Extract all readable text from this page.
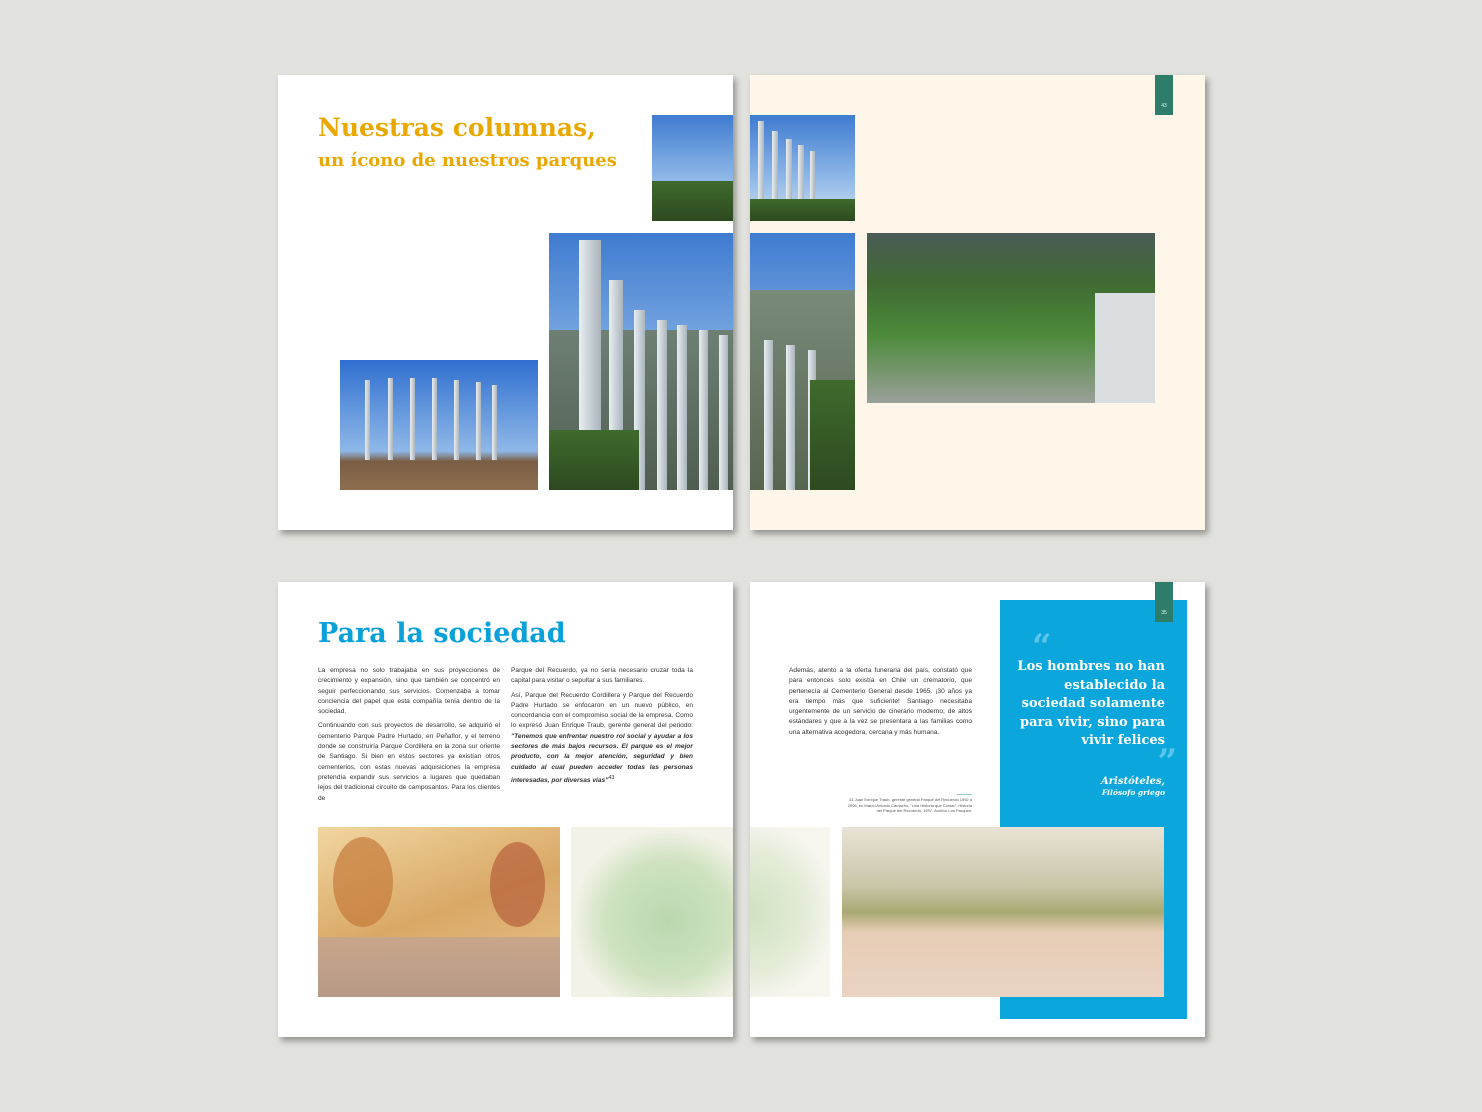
Nuestras columnas,
un ícono de nuestros parques
43
Para la sociedad

La empresa no solo trabajaba en sus proyecciones de crecimiento y expansión, sino que también se concentró en seguir perfeccionando sus servicios. Comenzaba a tomar conciencia del papel que esta compañía tenía dentro de la sociedad.

Continuando con sus proyectos de desarrollo, se adquirió el cementerio Parque Padre Hurtado, en Peñaflor, y el terreno donde se construiría Parque Cordillera en la zona sur oriente de Santiago. Si bien en estos sectores ya existían otros cementerios, con estas nuevas adquisiciones la empresa pretendía expandir sus servicios a lugares que quedaban lejos del tradicional circuito de camposantos. Para los clientes de

Parque del Recuerdo, ya no sería necesario cruzar toda la capital para visitar o sepultar a sus familiares.

Así, Parque del Recuerdo Cordillera y Parque del Recuerdo Padre Hurtado se enfocaron en un nuevo público, en concordancia con el compromiso social de la empresa. Como lo expresó Juan Enrique Traub, gerente general del periodo: "Tenemos que enfrentar nuestro rol social y ayudar a los sectores de más bajos recursos. El parque es el mejor producto, con la mejor atención, seguridad y bien cuidado al cual pueden acceder todas las personas interesadas, por diversas vías"$^{43}$

Además, atento a la oferta funeraria del país, constató que para entonces solo existía en Chile un crematorio, que pertenecía al Cementerio General desde 1965. ¡30 años ya era tiempo más que suficiente! Santiago necesitaba urgentemente de un servicio de cinerario moderno, de altos estándares y que a la vez se presentara a las familias como una alternativa acogedora, cercana y más humana.

43 Juan Enrique Traub, gerente general Parque del Recuerdo 1992 a 2005, en Marco Antonio Camacho, "Una Historia que Contar", Historia del Parque del Recuerdo, 1997. Archivo Los Parques.
“
Los hombres no han establecido la sociedad solamente para vivir, sino para vivir felices
”
Aristóteles,
Filósofo griego
35
